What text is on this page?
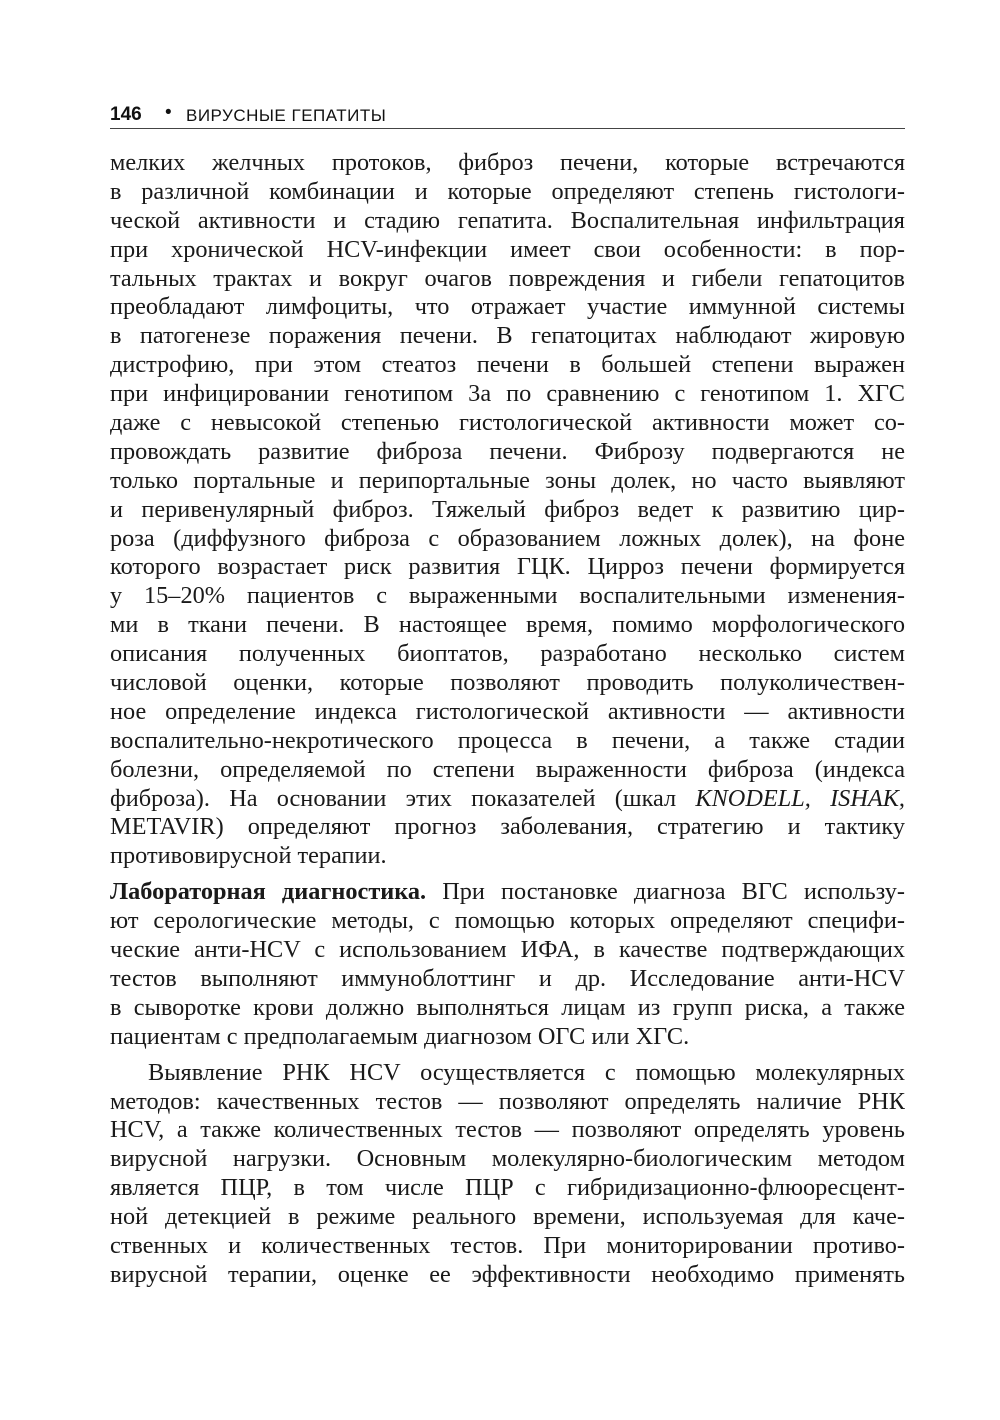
146 • ВИРУСНЫЕ ГЕПАТИТЫ
мелких желчных протоков, фиброз печени, которые встречаются
в различной комбинации и которые определяют степень гистологи-
ческой активности и стадию гепатита. Воспалительная инфильтрация
при хронической HCV-инфекции имеет свои особенности: в пор-
тальных трактах и вокруг очагов повреждения и гибели гепатоцитов
преобладают лимфоциты, что отражает участие иммунной системы
в патогенезе поражения печени. В гепатоцитах наблюдают жировую
дистрофию, при этом стеатоз печени в большей степени выражен
при инфицировании генотипом 3a по сравнению с генотипом 1. ХГС
даже с невысокой степенью гистологической активности может со-
провождать развитие фиброза печени. Фиброзу подвергаются не
только портальные и перипортальные зоны долек, но часто выявляют
и перивенулярный фиброз. Тяжелый фиброз ведет к развитию цир-
роза (диффузного фиброза с образованием ложных долек), на фоне
которого возрастает риск развития ГЦК. Цирроз печени формируется
у 15–20% пациентов с выраженными воспалительными изменения-
ми в ткани печени. В настоящее время, помимо морфологического
описания полученных биоптатов, разработано несколько систем
числовой оценки, которые позволяют проводить полуколичествен-
ное определение индекса гистологической активности — активности
воспалительно-некротического процесса в печени, а также стадии
болезни, определяемой по степени выраженности фиброза (индекса
фиброза). На основании этих показателей (шкал KNODELL, ISHAK,
METAVIR) определяют прогноз заболевания, стратегию и тактику
противовирусной терапии.
Лабораторная диагностика. При постановке диагноза ВГС использу-
ют серологические методы, с помощью которых определяют специфи-
ческие анти-HCV с использованием ИФА, в качестве подтверждающих
тестов выполняют иммуноблоттинг и др. Исследование анти-HCV
в сыворотке крови должно выполняться лицам из групп риска, а также
пациентам с предполагаемым диагнозом ОГС или ХГС.
Выявление РНК HCV осуществляется с помощью молекулярных
методов: качественных тестов — позволяют определять наличие РНК
HCV, а также количественных тестов — позволяют определять уровень
вирусной нагрузки. Основным молекулярно-биологическим методом
является ПЦР, в том числе ПЦР с гибридизационно-флюоресцент-
ной детекцией в режиме реального времени, используемая для каче-
ственных и количественных тестов. При мониторировании противо-
вирусной терапии, оценке ее эффективности необходимо применять
